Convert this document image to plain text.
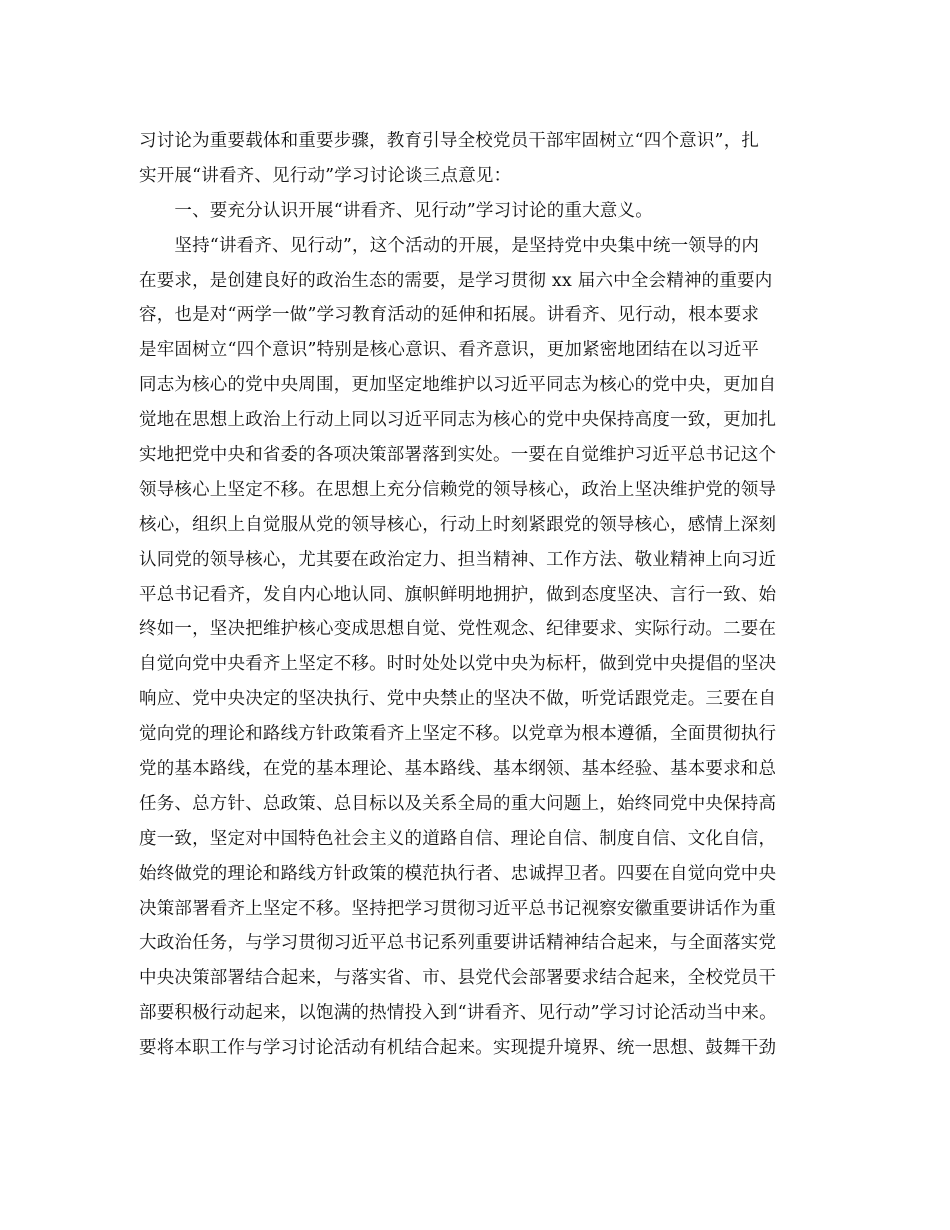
习讨论为重要载体和重要步骤，教育引导全校党员干部牢固树立“四个意识”，扎
实开展“讲看齐、见行动”学习讨论谈三点意见：
　　一、要充分认识开展“讲看齐、见行动”学习讨论的重大意义。
　　坚持“讲看齐、见行动”，这个活动的开展，是坚持党中央集中统一领导的内
在要求，是创建良好的政治生态的需要，是学习贯彻 xx 届六中全会精神的重要内
容，也是对“两学一做”学习教育活动的延伸和拓展。讲看齐、见行动，根本要求
是牢固树立“四个意识”特别是核心意识、看齐意识，更加紧密地团结在以习近平
同志为核心的党中央周围，更加坚定地维护以习近平同志为核心的党中央，更加自
觉地在思想上政治上行动上同以习近平同志为核心的党中央保持高度一致，更加扎
实地把党中央和省委的各项决策部署落到实处。一要在自觉维护习近平总书记这个
领导核心上坚定不移。在思想上充分信赖党的领导核心，政治上坚决维护党的领导
核心，组织上自觉服从党的领导核心，行动上时刻紧跟党的领导核心，感情上深刻
认同党的领导核心，尤其要在政治定力、担当精神、工作方法、敬业精神上向习近
平总书记看齐，发自内心地认同、旗帜鲜明地拥护，做到态度坚决、言行一致、始
终如一，坚决把维护核心变成思想自觉、党性观念、纪律要求、实际行动。二要在
自觉向党中央看齐上坚定不移。时时处处以党中央为标杆，做到党中央提倡的坚决
响应、党中央决定的坚决执行、党中央禁止的坚决不做，听党话跟党走。三要在自
觉向党的理论和路线方针政策看齐上坚定不移。以党章为根本遵循，全面贯彻执行
党的基本路线，在党的基本理论、基本路线、基本纲领、基本经验、基本要求和总
任务、总方针、总政策、总目标以及关系全局的重大问题上，始终同党中央保持高
度一致，坚定对中国特色社会主义的道路自信、理论自信、制度自信、文化自信，
始终做党的理论和路线方针政策的模范执行者、忠诚捍卫者。四要在自觉向党中央
决策部署看齐上坚定不移。坚持把学习贯彻习近平总书记视察安徽重要讲话作为重
大政治任务，与学习贯彻习近平总书记系列重要讲话精神结合起来，与全面落实党
中央决策部署结合起来，与落实省、市、县党代会部署要求结合起来，全校党员干
部要积极行动起来，以饱满的热情投入到“讲看齐、见行动”学习讨论活动当中来。
要将本职工作与学习讨论活动有机结合起来。实现提升境界、统一思想、鼓舞干劲
